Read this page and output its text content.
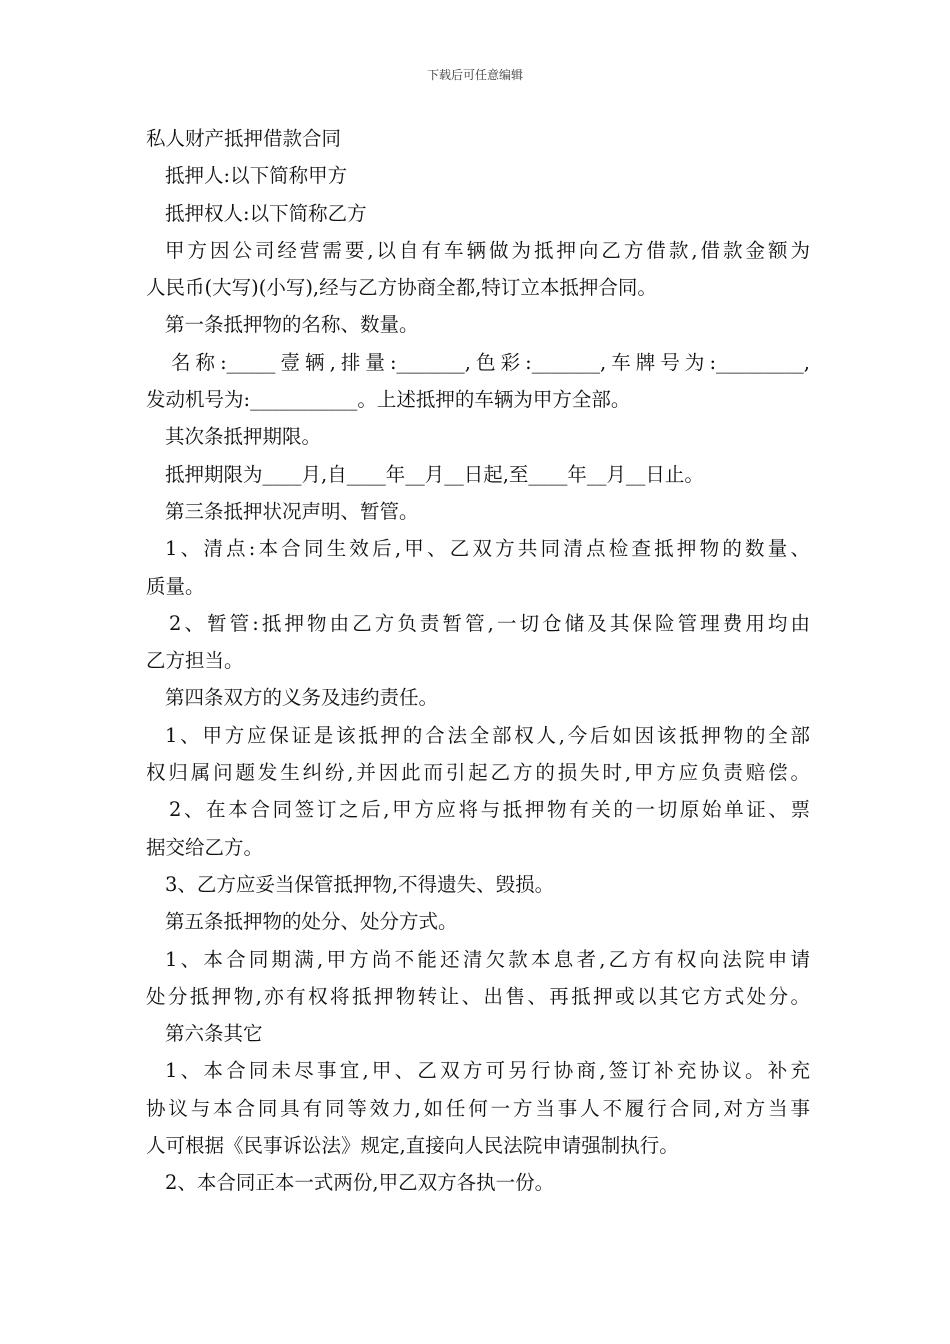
下载后可任意编辑
私人财产抵押借款合同
抵押人:以下简称甲方
抵押权人:以下简称乙方
甲方因公司经营需要,以自有车辆做为抵押向乙方借款,借款金额为
人民币(大写)(小写),经与乙方协商全都,特订立本抵押合同。
第一条抵押物的名称、数量。
名称:_____壹辆,排量:_______,色彩:_______,车牌号为:_________,
发动机号为:___________。上述抵押的车辆为甲方全部。
其次条抵押期限。
抵押期限为____月,自____年__月__日起,至____年__月__日止。
第三条抵押状况声明、暂管。
1、清点:本合同生效后,甲、乙双方共同清点检查抵押物的数量、
质量。
2、暂管:抵押物由乙方负责暂管,一切仓储及其保险管理费用均由
乙方担当。
第四条双方的义务及违约责任。
1、甲方应保证是该抵押的合法全部权人,今后如因该抵押物的全部
权归属问题发生纠纷,并因此而引起乙方的损失时,甲方应负责赔偿。
2、在本合同签订之后,甲方应将与抵押物有关的一切原始单证、票
据交给乙方。
3、乙方应妥当保管抵押物,不得遗失、毁损。
第五条抵押物的处分、处分方式。
1、本合同期满,甲方尚不能还清欠款本息者,乙方有权向法院申请
处分抵押物,亦有权将抵押物转让、出售、再抵押或以其它方式处分。
第六条其它
1、本合同未尽事宜,甲、乙双方可另行协商,签订补充协议。补充
协议与本合同具有同等效力,如任何一方当事人不履行合同,对方当事
人可根据《民事诉讼法》规定,直接向人民法院申请强制执行。
2、本合同正本一式两份,甲乙双方各执一份。
